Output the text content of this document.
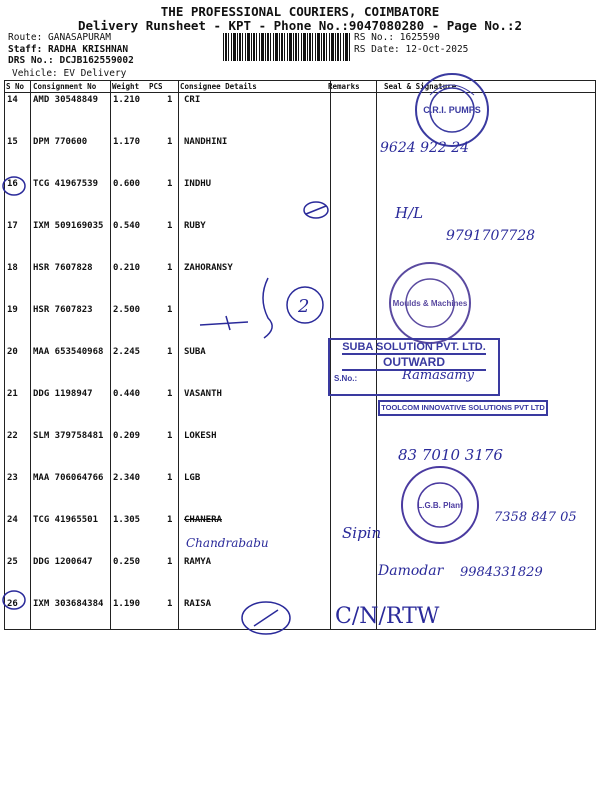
THE PROFESSIONAL COURIERS, COIMBATORE
Delivery Runsheet - KPT - Phone No.:9047080280 - Page No.:2
Route: GANASAPURAM
Staff: RADHA KRISHNAN
DRS No.: DCJB162559002
RS No.: 1625590
RS Date: 12-Oct-2025
Vehicle: EV Delivery
S No Consignment No Weight PCS Consignee Details	Remarks	Seal & Signature
14 AMD 30548849 1.210	1 CRI
15 DPM 770600	1.170	1 NANDHINI
16 TCG 41967539 0.600	1 INDHU
17 IXM 509169035 0.540	1 RUBY
18 HSR 7607828 0.210	1 ZAHORANSY
19 HSR 7607823 2.500	1
20 MAA 653540968 2.245	1 SUBA
21 DDG 1198947 0.440	1 VASANTH
22 SLM 379758481 0.209	1 LOKESH
23 MAA 706064766 2.340	1 LGB
24 TCG 41965501 1.305	1 CHANERA
25 DDG 1200647 0.250	1 RAMYA
26 IXM 303684384 1.190	1 RAISA
C.R.I. PUMPS
2	Moulds & Machines
L.G.B. Plant
SUBA SOLUTION PVT. LTD.
OUTWARD
S.No.:
TOOLCOM INNOVATIVE SOLUTIONS PVT LTD
9624 922 24
H/L
9791707728
Ramasamy
83 7010 3176
Sipin
7358 847 05
Chandrababu
Damodar 9984331829
C/N/RTW
